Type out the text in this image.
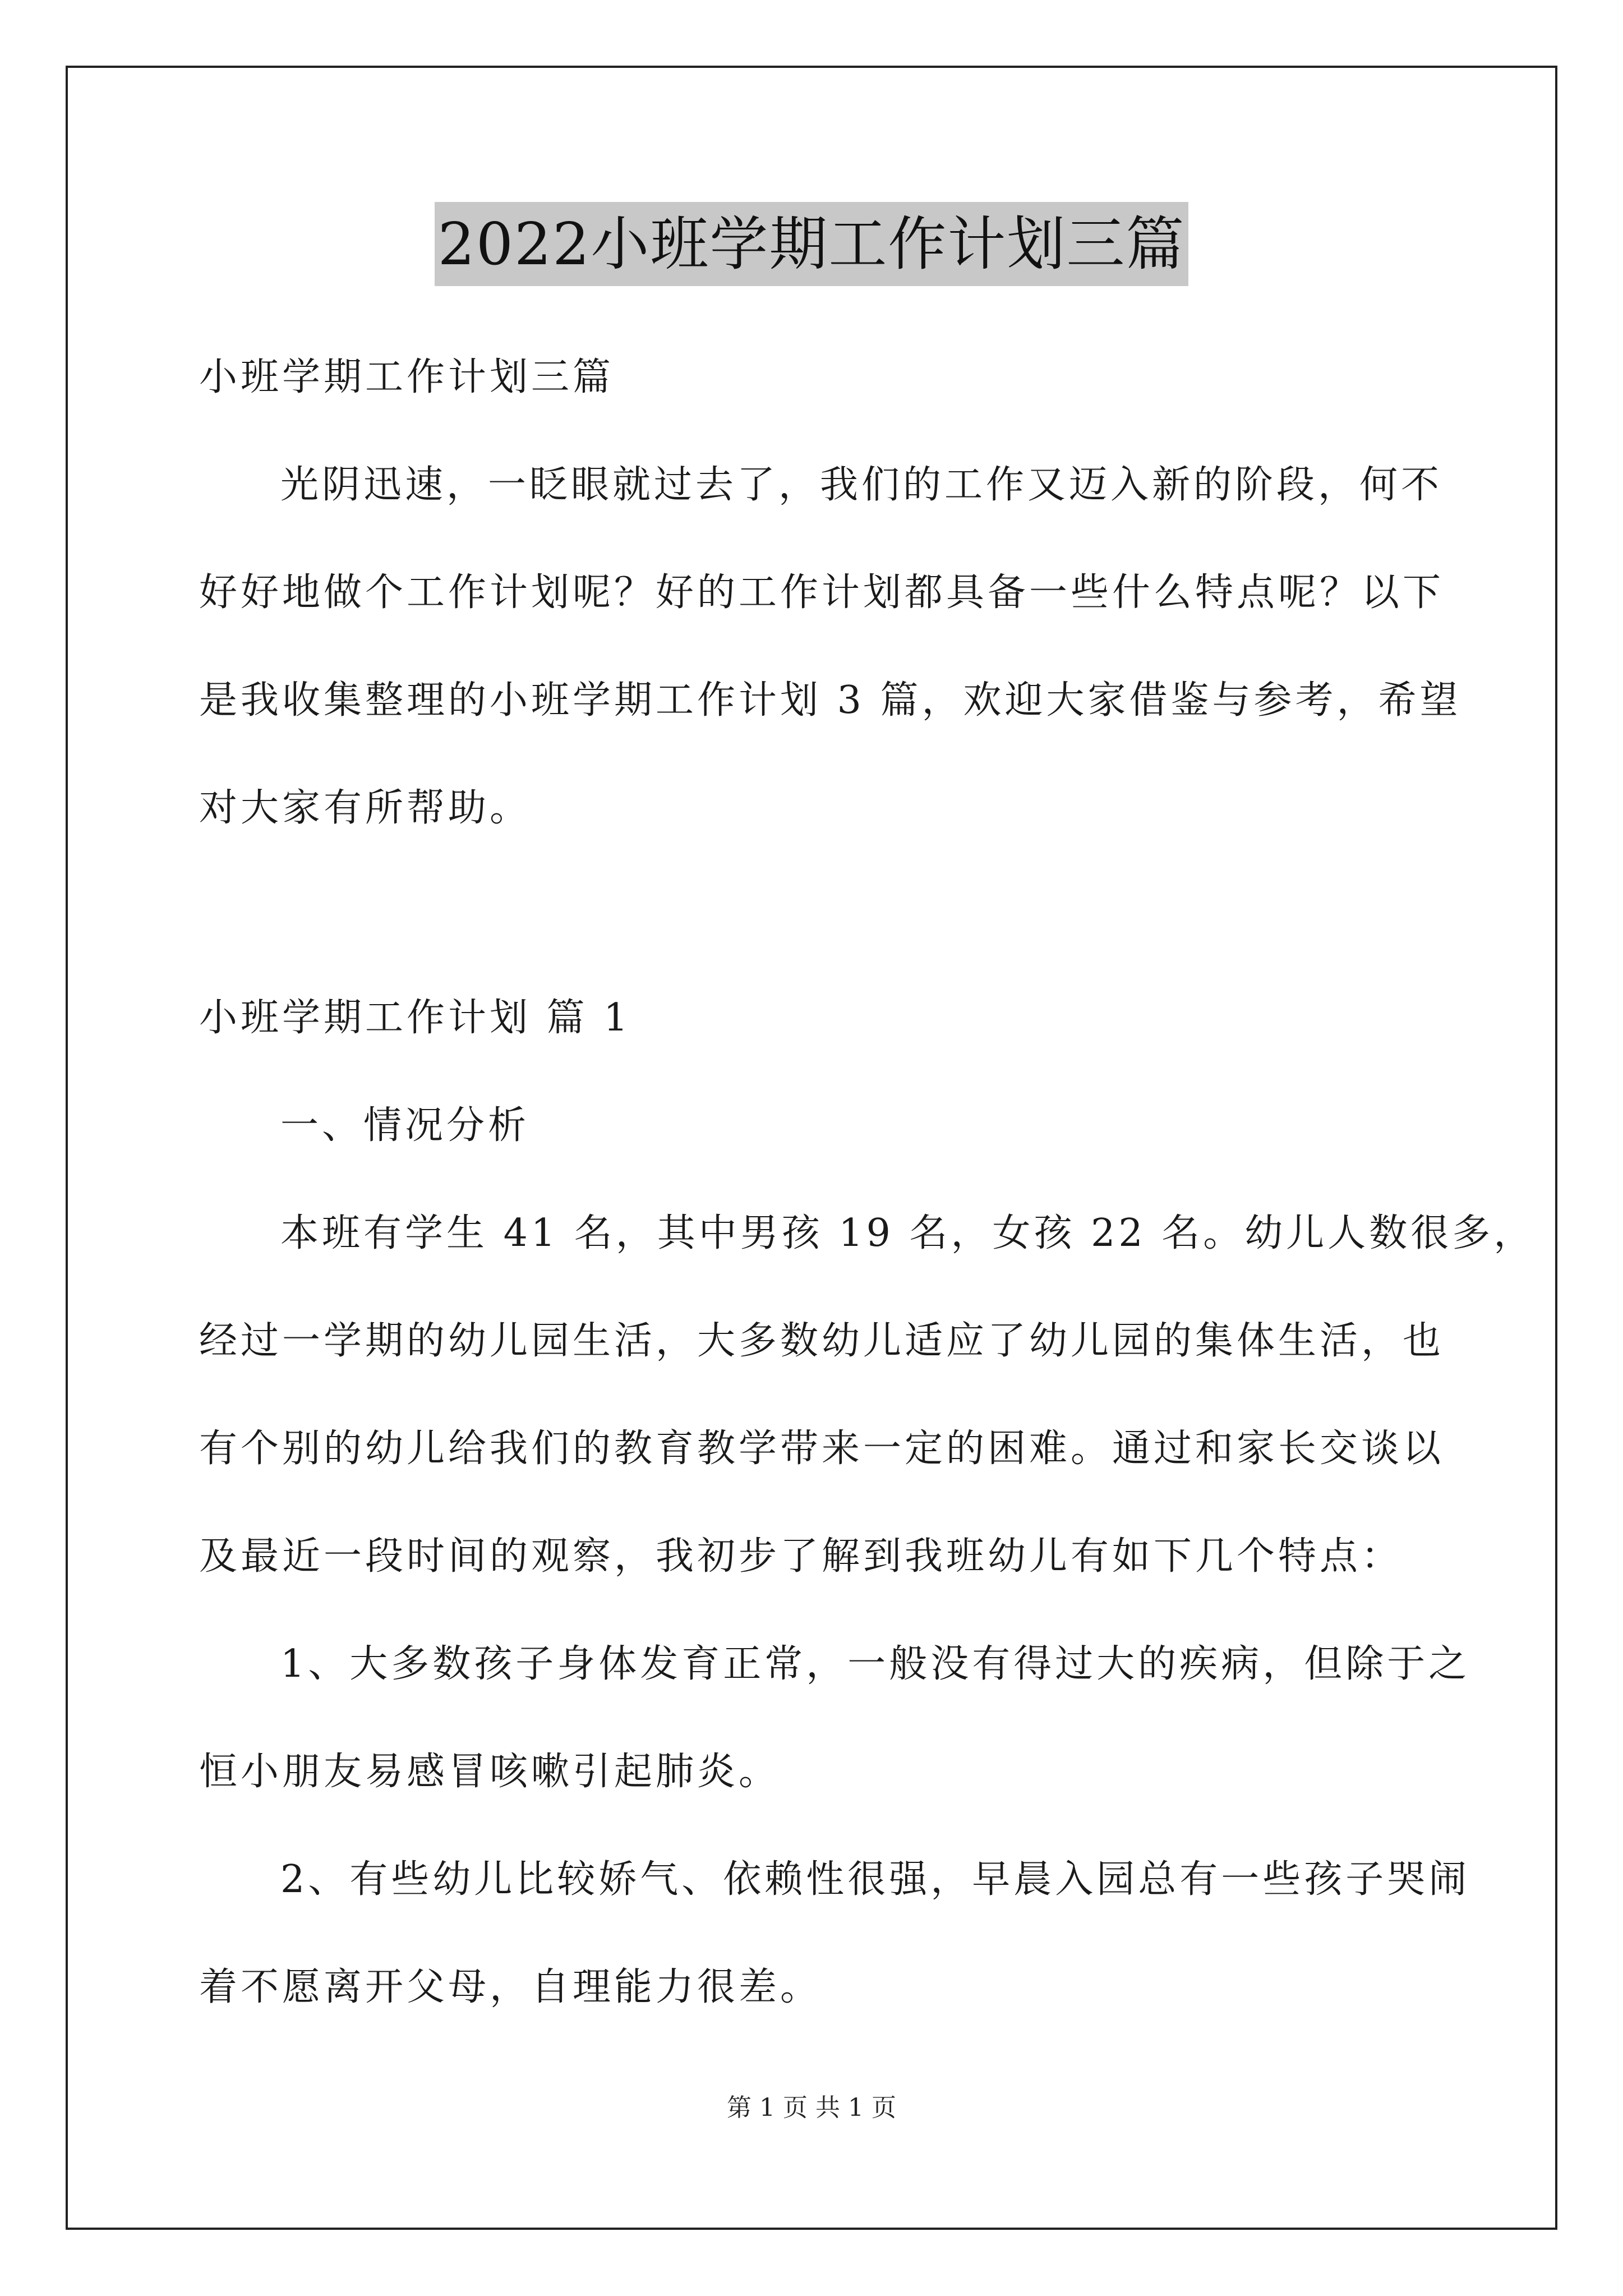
2022小班学期工作计划三篇
小班学期工作计划三篇
光阴迅速，一眨眼就过去了，我们的工作又迈入新的阶段，何不
好好地做个工作计划呢？好的工作计划都具备一些什么特点呢？以下
是我收集整理的小班学期工作计划 3 篇，欢迎大家借鉴与参考，希望
对大家有所帮助。
小班学期工作计划 篇 1
一、情况分析
本班有学生 41 名，其中男孩 19 名，女孩 22 名。幼儿人数很多，
经过一学期的幼儿园生活，大多数幼儿适应了幼儿园的集体生活，也
有个别的幼儿给我们的教育教学带来一定的困难。通过和家长交谈以
及最近一段时间的观察，我初步了解到我班幼儿有如下几个特点：
1、大多数孩子身体发育正常，一般没有得过大的疾病，但除于之
恒小朋友易感冒咳嗽引起肺炎。
2、有些幼儿比较娇气、依赖性很强，早晨入园总有一些孩子哭闹
着不愿离开父母，自理能力很差。
第 1 页 共 1 页
